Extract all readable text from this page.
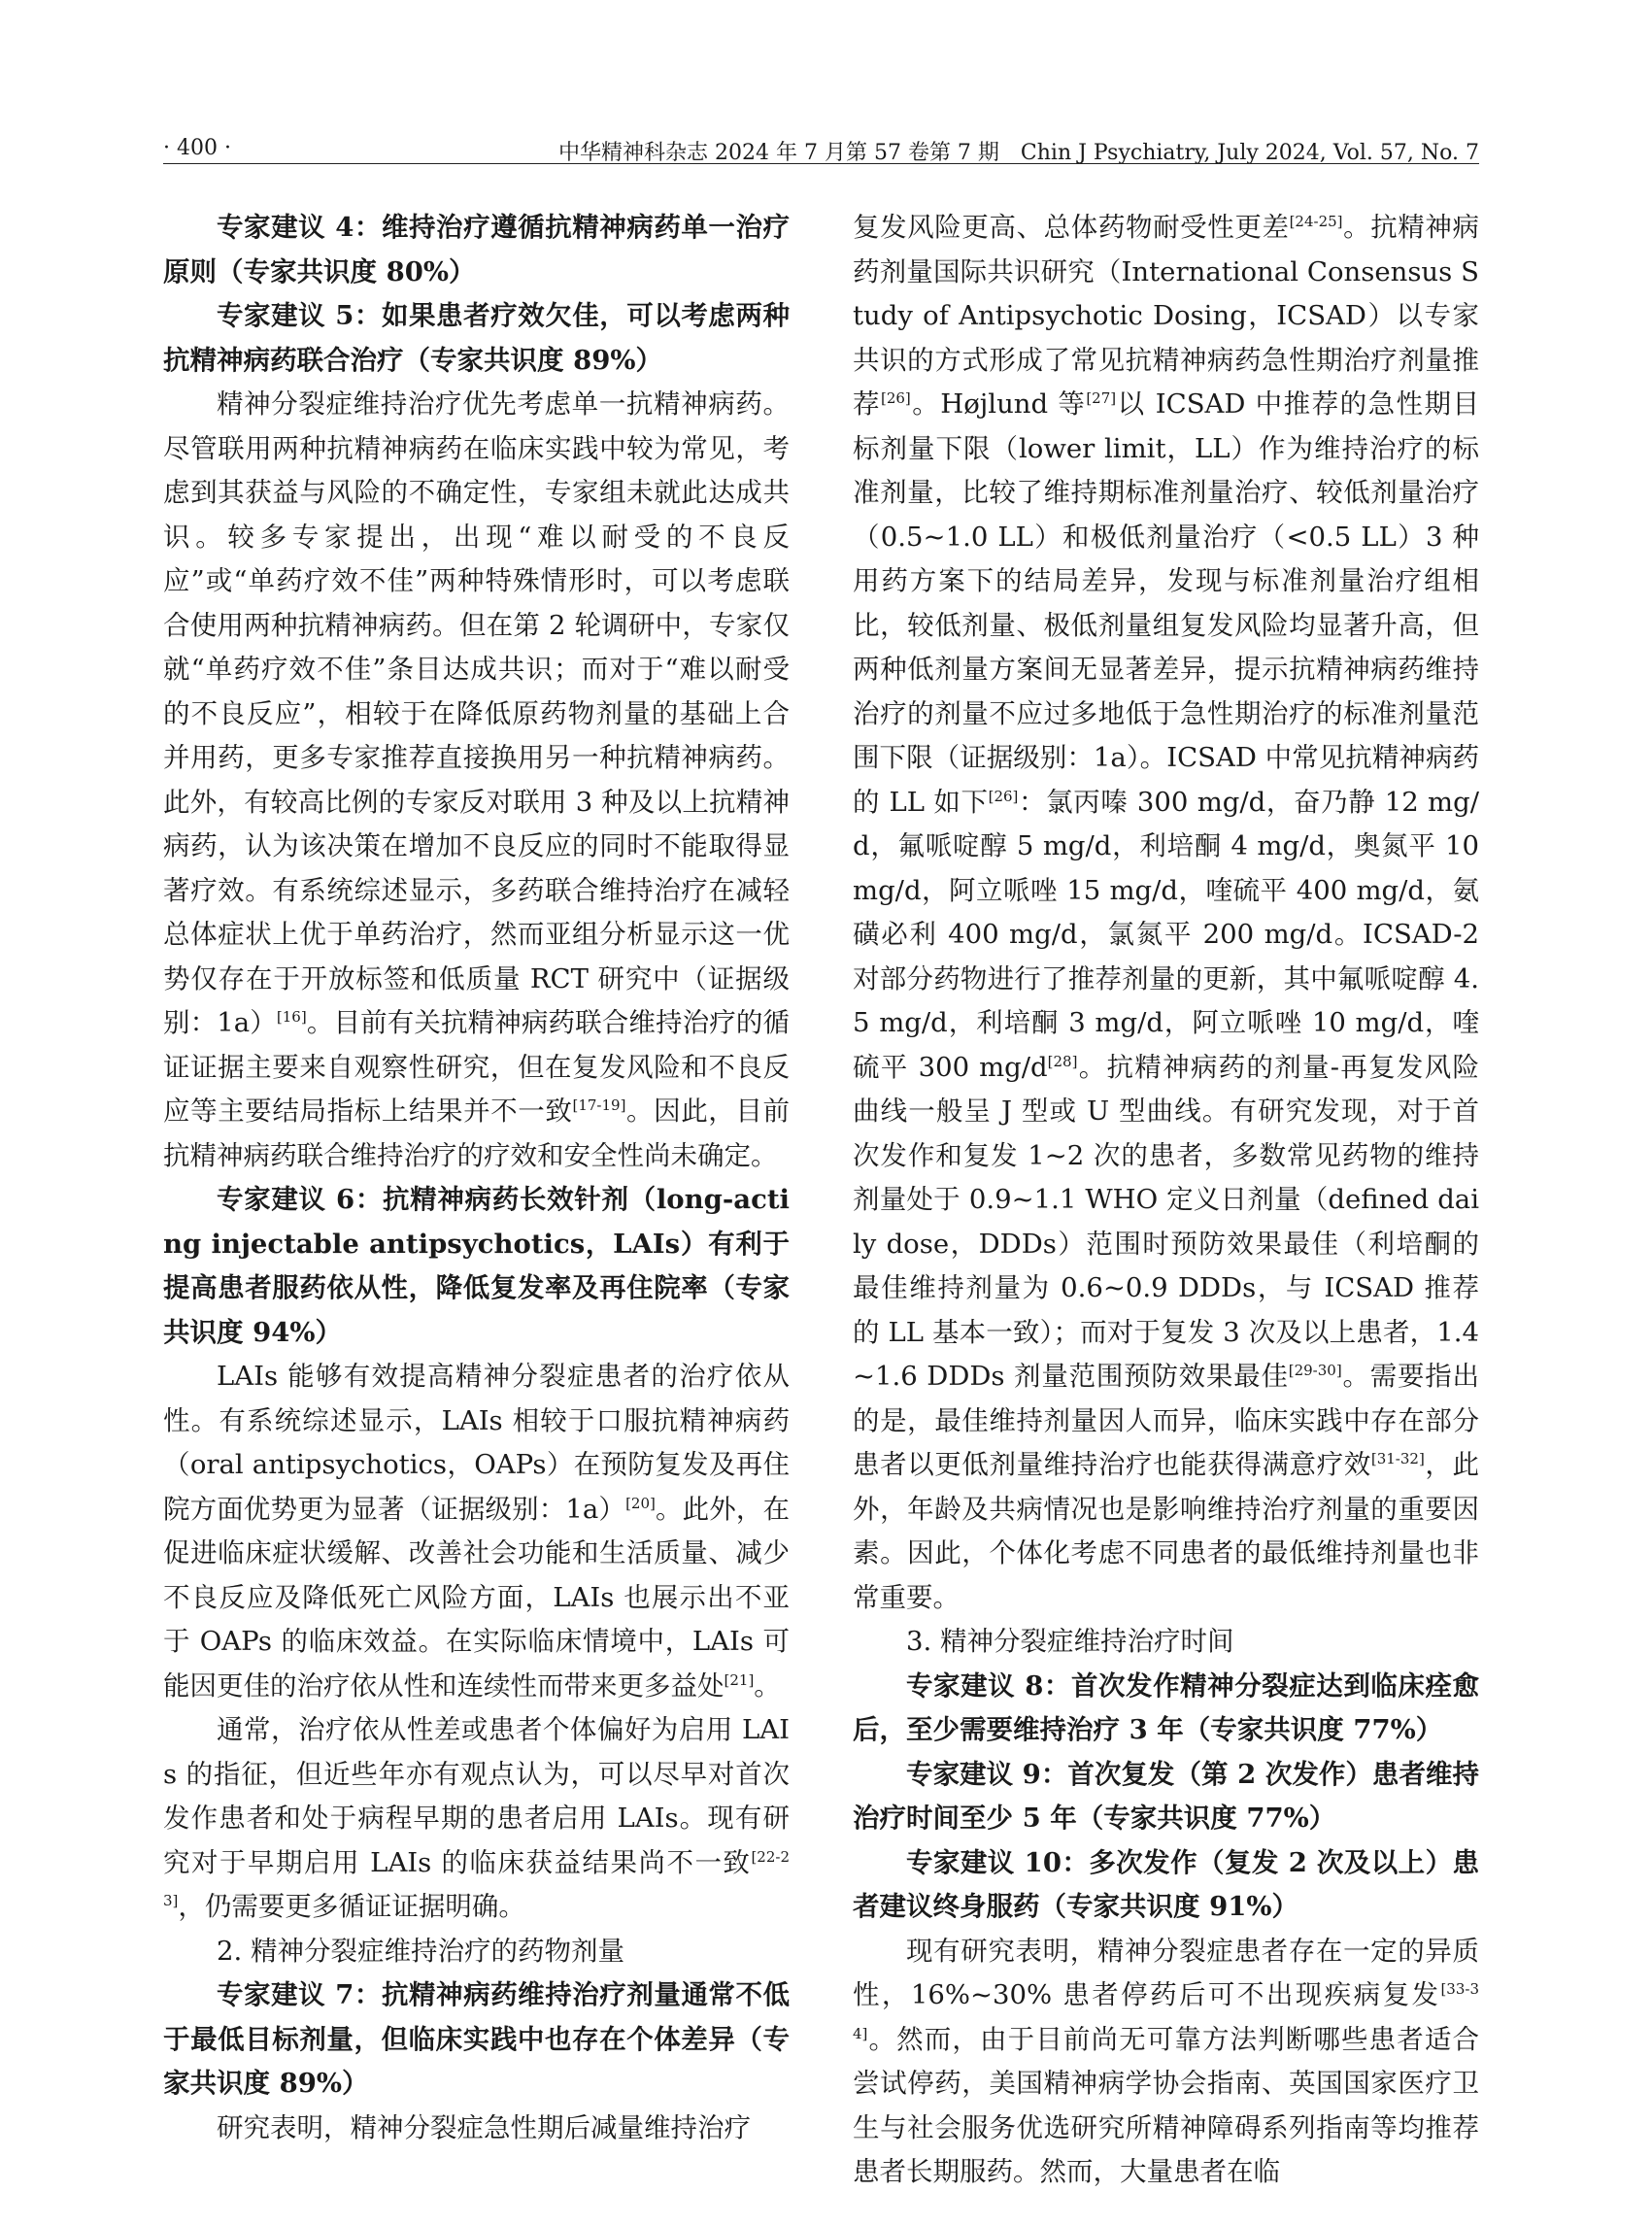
· 400 ·	中华精神科杂志 2024 年 7 月第 57 卷第 7 期　Chin J Psychiatry, July 2024, Vol. 57, No. 7

专家建议 4：维持治疗遵循抗精神病药单一治疗原则（专家共识度 80%）

专家建议 5：如果患者疗效欠佳，可以考虑两种抗精神病药联合治疗（专家共识度 89%）

精神分裂症维持治疗优先考虑单一抗精神病药。尽管联用两种抗精神病药在临床实践中较为常见，考虑到其获益与风险的不确定性，专家组未就此达成共识。较多专家提出，出现“难以耐受的不良反应”或“单药疗效不佳”两种特殊情形时，可以考虑联合使用两种抗精神病药。但在第 2 轮调研中，专家仅就“单药疗效不佳”条目达成共识；而对于“难以耐受的不良反应”，相较于在降低原药物剂量的基础上合并用药，更多专家推荐直接换用另一种抗精神病药。此外，有较高比例的专家反对联用 3 种及以上抗精神病药，认为该决策在增加不良反应的同时不能取得显著疗效。有系统综述显示，多药联合维持治疗在减轻总体症状上优于单药治疗，然而亚组分析显示这一优势仅存在于开放标签和低质量 RCT 研究中（证据级别：1a）[16]。目前有关抗精神病药联合维持治疗的循证证据主要来自观察性研究，但在复发风险和不良反应等主要结局指标上结果并不一致[17-19]。因此，目前抗精神病药联合维持治疗的疗效和安全性尚未确定。

专家建议 6：抗精神病药长效针剂（long-acting injectable antipsychotics，LAIs）有利于提高患者服药依从性，降低复发率及再住院率（专家共识度 94%）

LAIs 能够有效提高精神分裂症患者的治疗依从性。有系统综述显示，LAIs 相较于口服抗精神病药（oral antipsychotics，OAPs）在预防复发及再住院方面优势更为显著（证据级别：1a）[20]。此外，在促进临床症状缓解、改善社会功能和生活质量、减少不良反应及降低死亡风险方面，LAIs 也展示出不亚于 OAPs 的临床效益。在实际临床情境中，LAIs 可能因更佳的治疗依从性和连续性而带来更多益处[21]。

通常，治疗依从性差或患者个体偏好为启用 LAIs 的指征，但近些年亦有观点认为，可以尽早对首次发作患者和处于病程早期的患者启用 LAIs。现有研究对于早期启用 LAIs 的临床获益结果尚不一致[22-23]，仍需要更多循证证据明确。

2. 精神分裂症维持治疗的药物剂量

专家建议 7：抗精神病药维持治疗剂量通常不低于最低目标剂量，但临床实践中也存在个体差异（专家共识度 89%）

研究表明，精神分裂症急性期后减量维持治疗

复发风险更高、总体药物耐受性更差[24-25]。抗精神病药剂量国际共识研究（International Consensus Study of Antipsychotic Dosing，ICSAD）以专家共识的方式形成了常见抗精神病药急性期治疗剂量推荐[26]。Højlund 等[27]以 ICSAD 中推荐的急性期目标剂量下限（lower limit，LL）作为维持治疗的标准剂量，比较了维持期标准剂量治疗、较低剂量治疗（0.5~1.0 LL）和极低剂量治疗（<0.5 LL）3 种用药方案下的结局差异，发现与标准剂量治疗组相比，较低剂量、极低剂量组复发风险均显著升高，但两种低剂量方案间无显著差异，提示抗精神病药维持治疗的剂量不应过多地低于急性期治疗的标准剂量范围下限（证据级别：1a）。ICSAD 中常见抗精神病药的 LL 如下[26]：氯丙嗪 300 mg/d，奋乃静 12 mg/d，氟哌啶醇 5 mg/d，利培酮 4 mg/d，奥氮平 10 mg/d，阿立哌唑 15 mg/d，喹硫平 400 mg/d，氨磺必利 400 mg/d，氯氮平 200 mg/d。ICSAD-2 对部分药物进行了推荐剂量的更新，其中氟哌啶醇 4.5 mg/d，利培酮 3 mg/d，阿立哌唑 10 mg/d，喹硫平 300 mg/d[28]。抗精神病药的剂量-再复发风险曲线一般呈 J 型或 U 型曲线。有研究发现，对于首次发作和复发 1~2 次的患者，多数常见药物的维持剂量处于 0.9~1.1 WHO 定义日剂量（defined daily dose，DDDs）范围时预防效果最佳（利培酮的最佳维持剂量为 0.6~0.9 DDDs，与 ICSAD 推荐的 LL 基本一致）；而对于复发 3 次及以上患者，1.4~1.6 DDDs 剂量范围预防效果最佳[29-30]。需要指出的是，最佳维持剂量因人而异，临床实践中存在部分患者以更低剂量维持治疗也能获得满意疗效[31-32]，此外，年龄及共病情况也是影响维持治疗剂量的重要因素。因此，个体化考虑不同患者的最低维持剂量也非常重要。

3. 精神分裂症维持治疗时间

专家建议 8：首次发作精神分裂症达到临床痊愈后，至少需要维持治疗 3 年（专家共识度 77%）

专家建议 9：首次复发（第 2 次发作）患者维持治疗时间至少 5 年（专家共识度 77%）

专家建议 10：多次发作（复发 2 次及以上）患者建议终身服药（专家共识度 91%）

现有研究表明，精神分裂症患者存在一定的异质性，16%~30% 患者停药后可不出现疾病复发[33-34]。然而，由于目前尚无可靠方法判断哪些患者适合尝试停药，美国精神病学协会指南、英国国家医疗卫生与社会服务优选研究所精神障碍系列指南等均推荐患者长期服药。然而，大量患者在临
